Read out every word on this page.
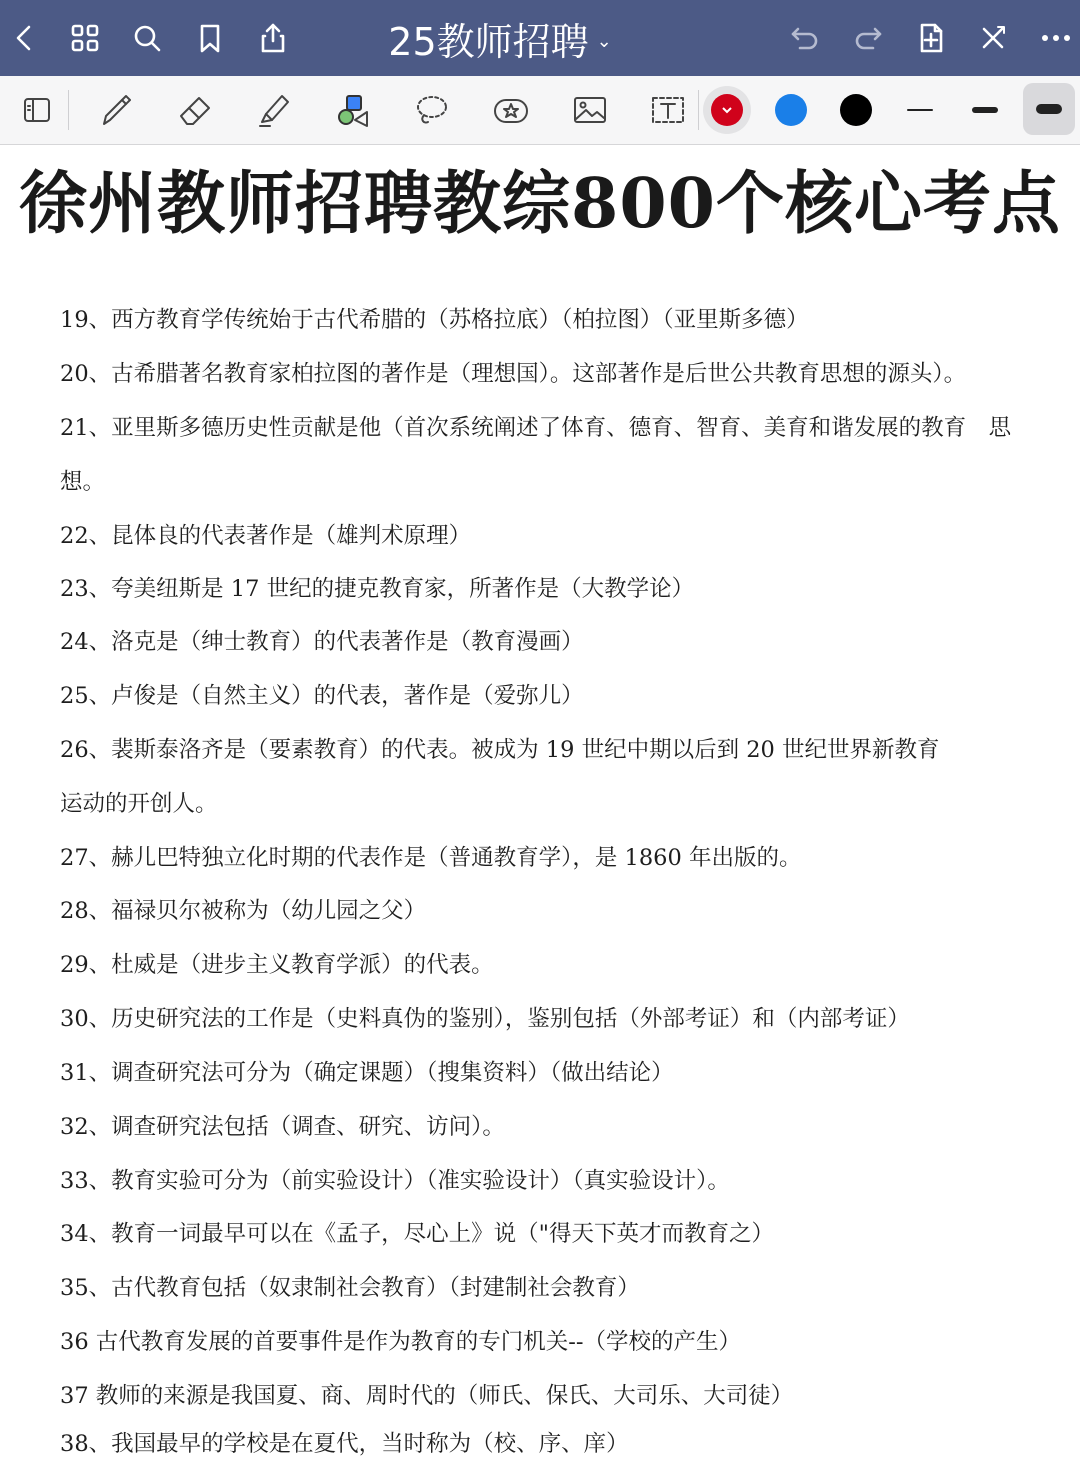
25教师招聘 ⌄
徐州教师招聘教综800个核心考点
19、西方教育学传统始于古代希腊的（苏格拉底）（柏拉图）（亚里斯多德）
20、古希腊著名教育家柏拉图的著作是（理想国）。这部著作是后世公共教育思想的源头）。
21、亚里斯多德历史性贡献是他（首次系统阐述了体育、德育、智育、美育和谐发展的教育　思
想。
22、昆体良的代表著作是（雄判术原理）
23、夸美纽斯是 17 世纪的捷克教育家，所著作是（大教学论）
24、洛克是（绅士教育）的代表著作是（教育漫画）
25、卢俊是（自然主义）的代表，著作是（爱弥儿）
26、裴斯泰洛齐是（要素教育）的代表。被成为 19 世纪中期以后到 20 世纪世界新教育
运动的开创人。
27、赫儿巴特独立化时期的代表作是（普通教育学），是 1860 年出版的。
28、福禄贝尔被称为（幼儿园之父）
29、杜威是（进步主义教育学派）的代表。
30、历史研究法的工作是（史料真伪的鉴别），鉴别包括（外部考证）和（内部考证）
31、调查研究法可分为（确定课题）（搜集资料）（做出结论）
32、调查研究法包括（调查、研究、访问）。
33、教育实验可分为（前实验设计）（准实验设计）（真实验设计）。
34、教育一词最早可以在《孟子，尽心上》说（"得天下英才而教育之）
35、古代教育包括（奴隶制社会教育）（封建制社会教育）
36 古代教育发展的首要事件是作为教育的专门机关--（学校的产生）
37 教师的来源是我国夏、商、周时代的（师氏、保氏、大司乐、大司徒）
38、我国最早的学校是在夏代，当时称为（校、序、庠）
